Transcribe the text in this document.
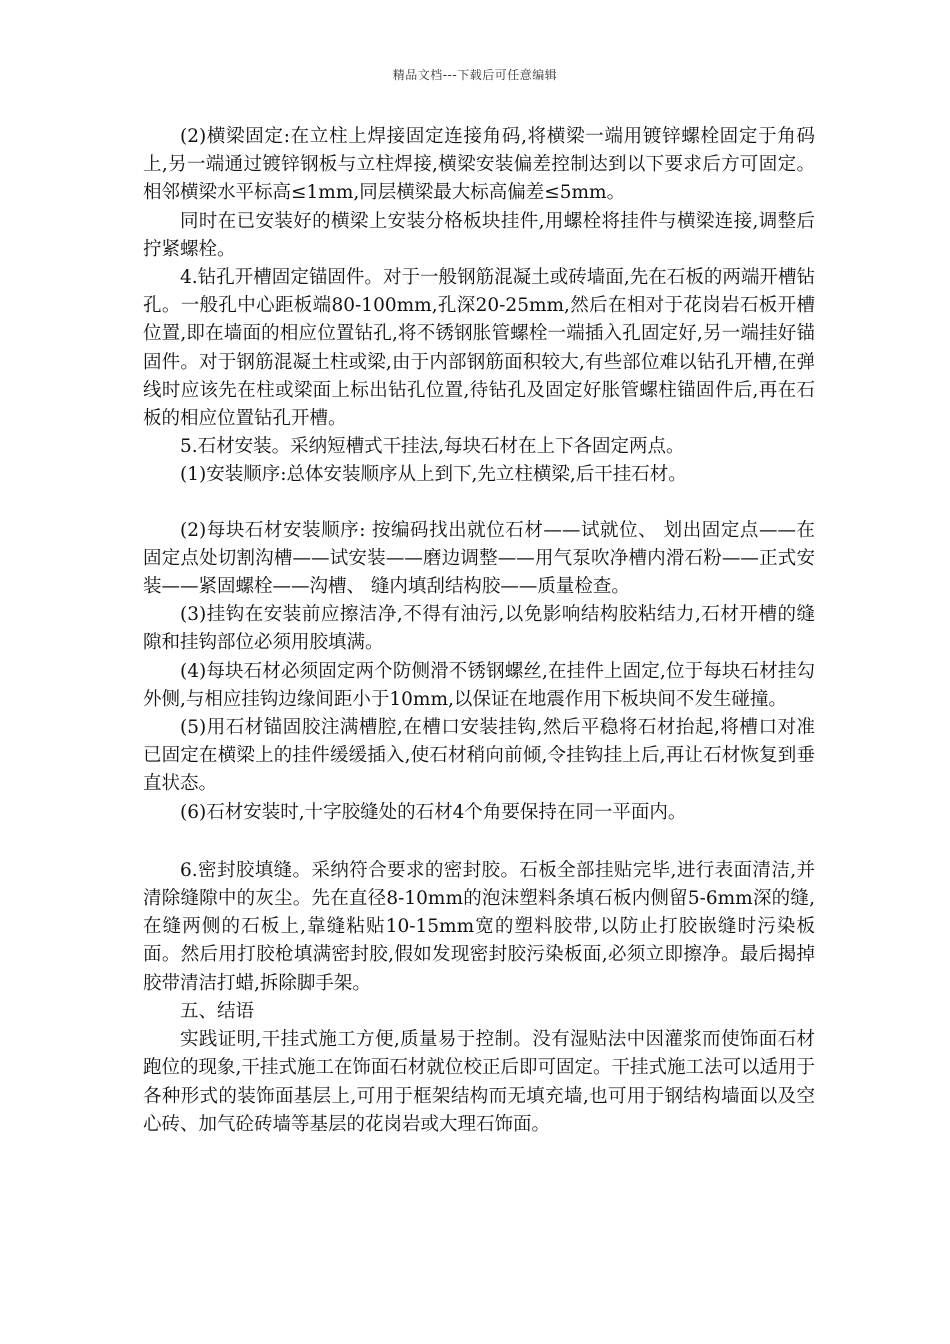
精品文档---下载后可任意编辑

(2)横梁固定:在立柱上焊接固定连接角码,将横梁一端用镀锌螺栓固定于角码上,另一端通过镀锌钢板与立柱焊接,横梁安装偏差控制达到以下要求后方可固定。相邻横梁水平标高≤1mm,同层横梁最大标高偏差≤5mm。

同时在已安装好的横梁上安装分格板块挂件,用螺栓将挂件与横梁连接,调整后拧紧螺栓。

4.钻孔开槽固定锚固件。对于一般钢筋混凝土或砖墙面,先在石板的两端开槽钻孔。一般孔中心距板端80-100mm,孔深20-25mm,然后在相对于花岗岩石板开槽位置,即在墙面的相应位置钻孔,将不锈钢胀管螺栓一端插入孔固定好,另一端挂好锚固件。对于钢筋混凝土柱或梁,由于内部钢筋面积较大,有些部位难以钻孔开槽,在弹线时应该先在柱或梁面上标出钻孔位置,待钻孔及固定好胀管螺柱锚固件后,再在石板的相应位置钻孔开槽。

5.石材安装。采纳短槽式干挂法,每块石材在上下各固定两点。

(1)安装顺序:总体安装顺序从上到下,先立柱横梁,后干挂石材。

(2)每块石材安装顺序: 按编码找出就位石材——试就位、 划出固定点——在固定点处切割沟槽——试安装——磨边调整——用气泵吹净槽内滑石粉——正式安装——紧固螺栓——沟槽、 缝内填刮结构胶——质量检查。

(3)挂钩在安装前应擦洁净,不得有油污,以免影响结构胶粘结力,石材开槽的缝隙和挂钩部位必须用胶填满。

(4)每块石材必须固定两个防侧滑不锈钢螺丝,在挂件上固定,位于每块石材挂勾外侧,与相应挂钩边缘间距小于10mm,以保证在地震作用下板块间不发生碰撞。

(5)用石材锚固胶注满槽腔,在槽口安装挂钩,然后平稳将石材抬起,将槽口对准已固定在横梁上的挂件缓缓插入,使石材稍向前倾,令挂钩挂上后,再让石材恢复到垂直状态。

(6)石材安装时,十字胶缝处的石材4个角要保持在同一平面内。

6.密封胶填缝。采纳符合要求的密封胶。石板全部挂贴完毕,进行表面清洁,并清除缝隙中的灰尘。先在直径8-10mm的泡沫塑料条填石板内侧留5-6mm深的缝,在缝两侧的石板上,靠缝粘贴10-15mm宽的塑料胶带,以防止打胶嵌缝时污染板面。然后用打胶枪填满密封胶,假如发现密封胶污染板面,必须立即擦净。最后揭掉胶带清洁打蜡,拆除脚手架。

五、结语

实践证明,干挂式施工方便,质量易于控制。没有湿贴法中因灌浆而使饰面石材跑位的现象,干挂式施工在饰面石材就位校正后即可固定。干挂式施工法可以适用于各种形式的装饰面基层上,可用于框架结构而无填充墙,也可用于钢结构墙面以及空心砖、加气砼砖墙等基层的花岗岩或大理石饰面。
